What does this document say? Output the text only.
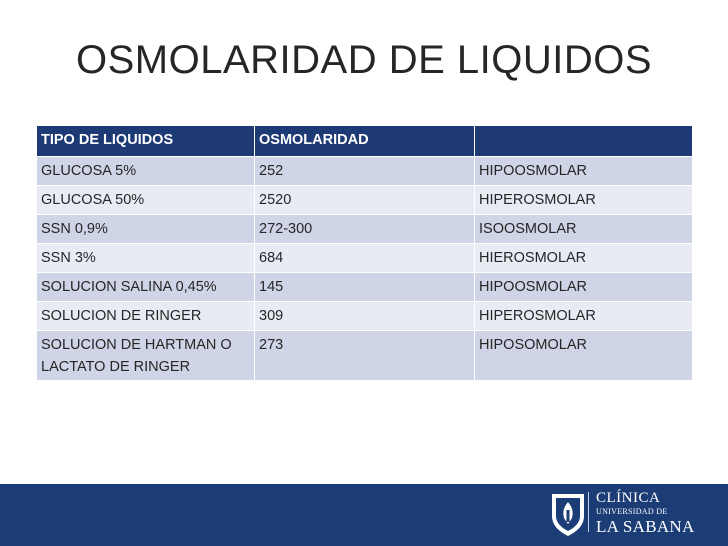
OSMOLARIDAD DE LIQUIDOS
TIPO DE LIQUIDOS	OSMOLARIDAD	
GLUCOSA 5%	252	HIPOOSMOLAR
GLUCOSA 50%	2520	HIPEROSMOLAR
SSN 0,9%	272-300	ISOOSMOLAR
SSN 3%	684	HIEROSMOLAR
SOLUCION SALINA 0,45%	145	HIPOOSMOLAR
SOLUCION DE RINGER	309	HIPEROSMOLAR
SOLUCION DE HARTMAN O LACTATO DE RINGER	273	HIPOSOMOLAR
CLÍNICA
UNIVERSIDAD DE
LA SABANA
